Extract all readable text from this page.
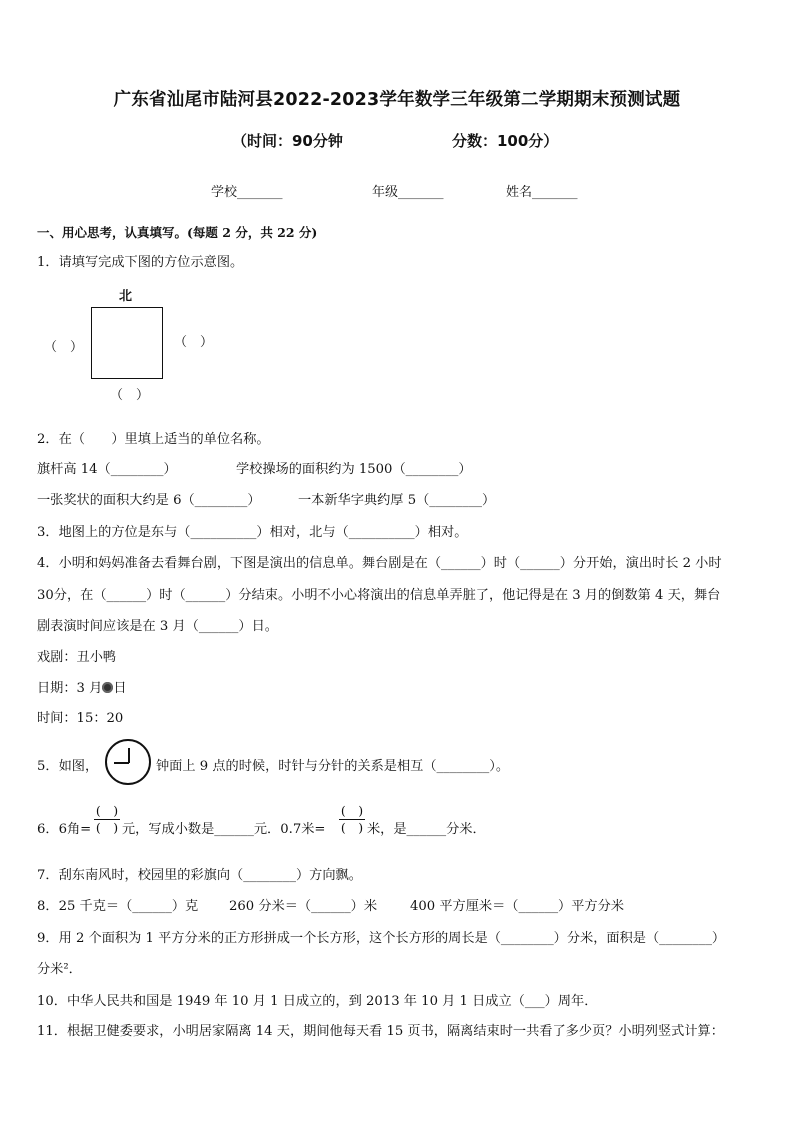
广东省汕尾市陆河县2022-2023学年数学三年级第二学期期末预测试题
（时间：90分钟	分数：100分）
学校_______	年级_______	姓名_______
一、用心思考，认真填写。(每题 2 分，共 22 分)
1．请填写完成下图的方位示意图。
北
（　）	（　）
（　）
2．在（　　）里填上适当的单位名称。
旗杆高 14（________）	学校操场的面积约为 1500（________）
一张奖状的面积大约是 6（________）	一本新华字典约厚 5（________）
3．地图上的方位是东与（__________）相对，北与（__________）相对。
4．小明和妈妈准备去看舞台剧，下图是演出的信息单。舞台剧是在（______）时（______）分开始，演出时长 2 小时
30分，在（______）时（______）分结束。小明不小心将演出的信息单弄脏了，他记得是在 3 月的倒数第 4 天，舞台
剧表演时间应该是在 3 月（______）日。
戏剧：丑小鸭
日期：3 月 日
时间：15：20
5．如图，	钟面上 9 点的时候，时针与分针的关系是相互（________）。
6．6角=
(　)
(　) 元，写成小数是______元．0.7米=
(　)
(　) 米，是______分米．
7．刮东南风时，校园里的彩旗向（________）方向飘。
8．25 千克＝（______）克 260 分米＝（______）米 400 平方厘米＝（______）平方分米
9．用 2 个面积为 1 平方分米的正方形拼成一个长方形，这个长方形的周长是（________）分米，面积是（________）
分米²．
10．中华人民共和国是 1949 年 10 月 1 日成立的，到 2013 年 10 月 1 日成立（___）周年．
11．根据卫健委要求，小明居家隔离 14 天，期间他每天看 15 页书，隔离结束时一共看了多少页？小明列竖式计算：
